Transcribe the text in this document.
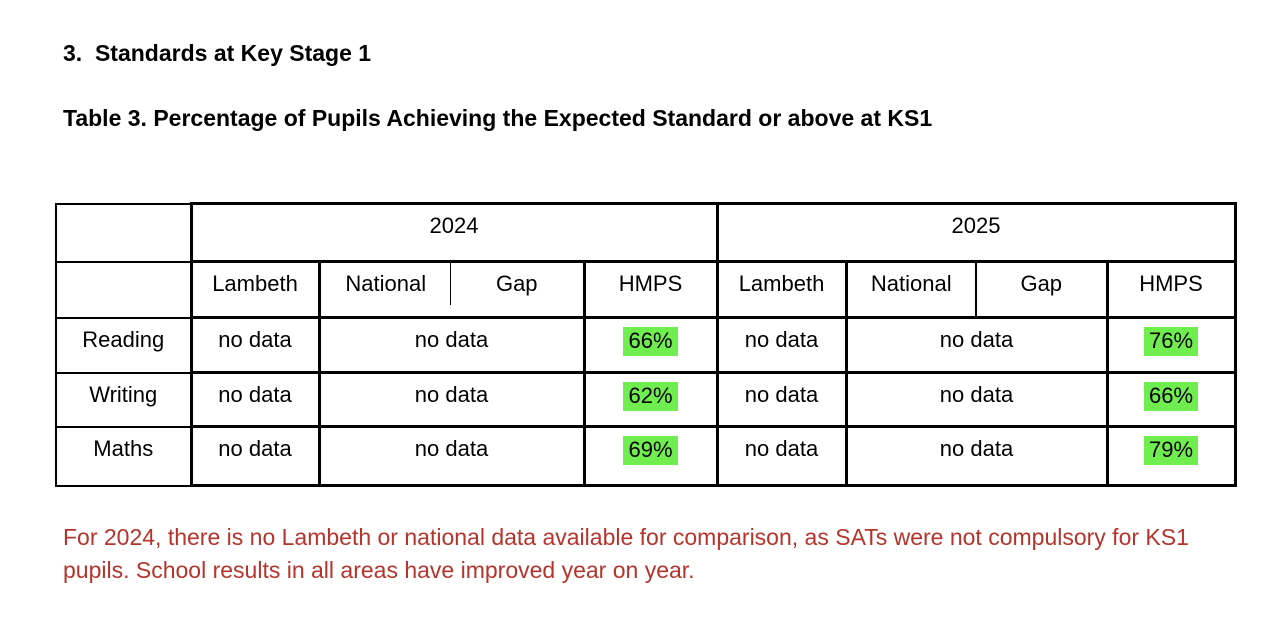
3.  Standards at Key Stage 1
Table 3. Percentage of Pupils Achieving the Expected Standard or above at KS1
	2024				2025			
	Lambeth	National	Gap	HMPS	Lambeth	National	Gap	HMPS
Reading	no data	no data		66%	no data	no data		76%
Writing	no data	no data		62%	no data	no data		66%
Maths	no data	no data		69%	no data	no data		79%
For 2024, there is no Lambeth or national data available for comparison, as SATs were not compulsory for KS1 pupils. School results in all areas have improved year on year.
